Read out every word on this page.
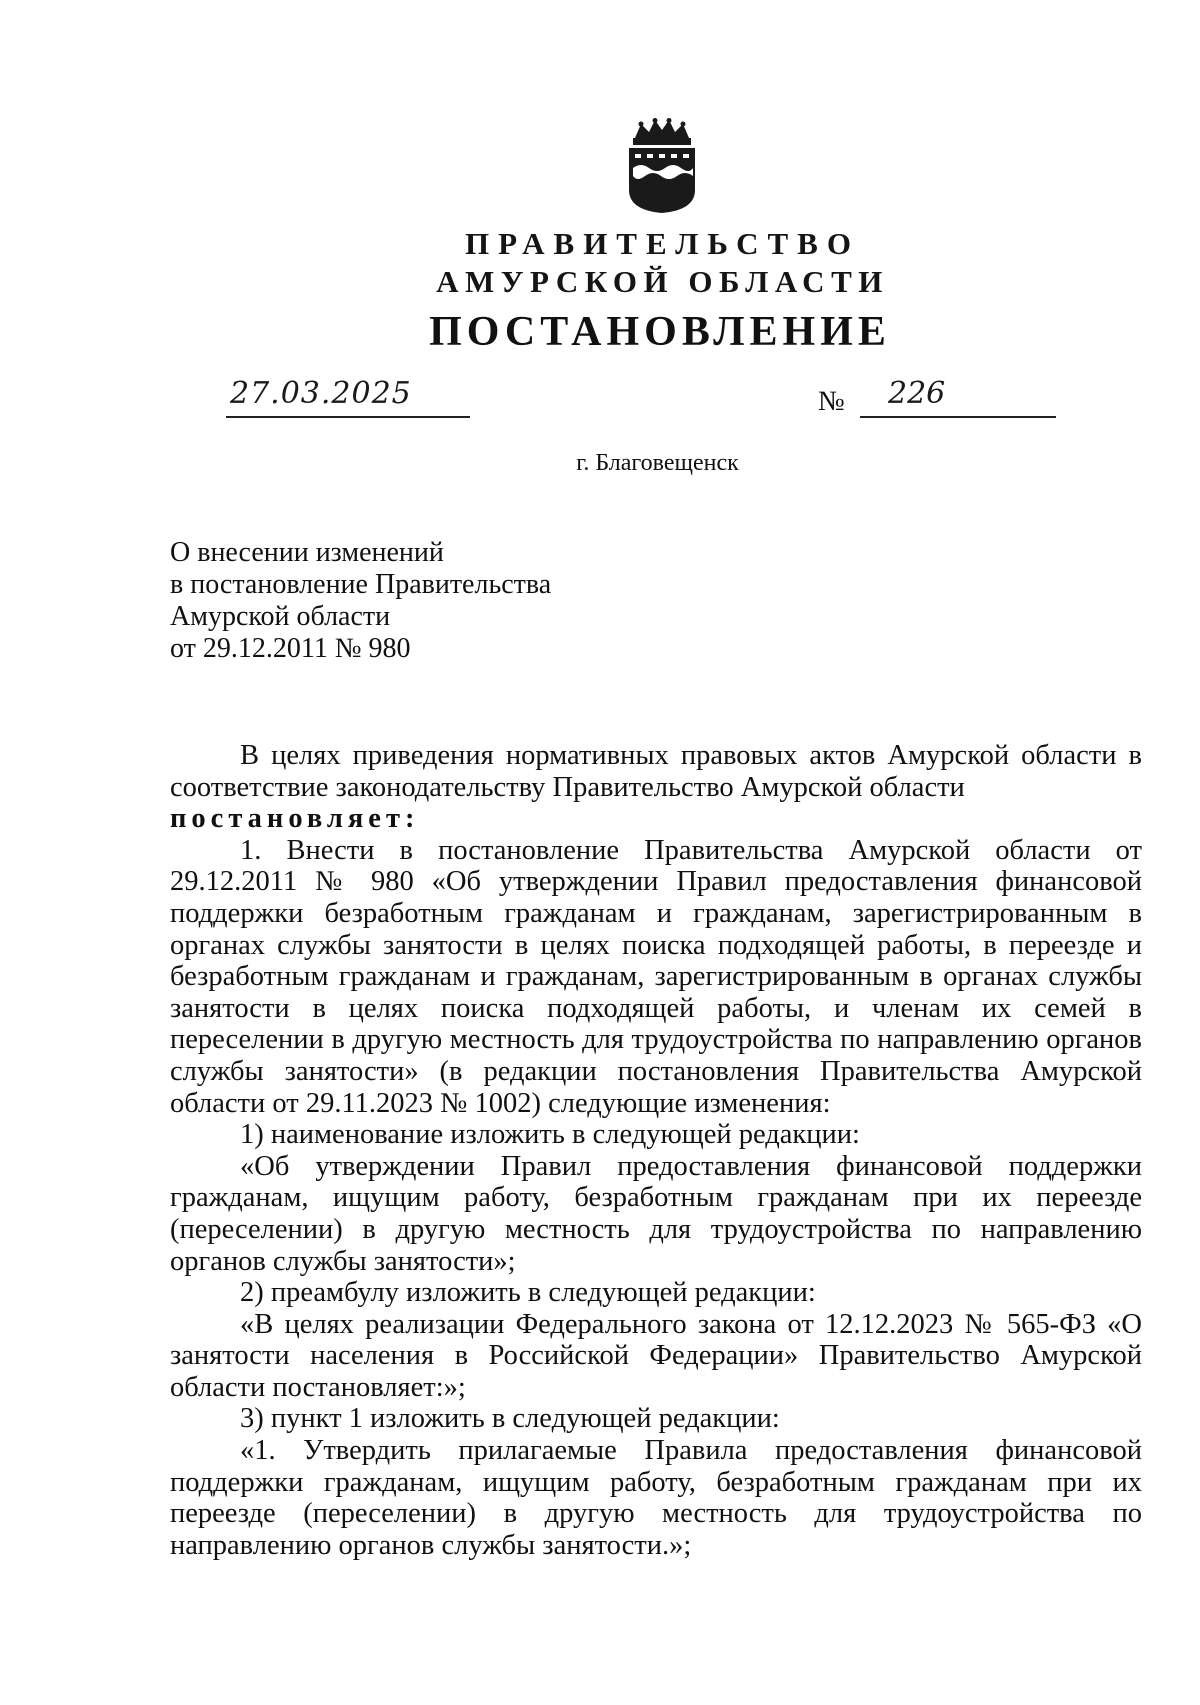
ПРАВИТЕЛЬСТВО
АМУРСКОЙ ОБЛАСТИ
ПОСТАНОВЛЕНИЕ
27.03.2025	№ 226
г. Благовещенск
О внесении изменений
в постановление Правительства
Амурской области
от 29.12.2011 № 980

В целях приведения нормативных правовых актов Амурской области в соответствие законодательству Правительство Амурской области

постановляет:

1. Внести в постановление Правительства Амурской области от 29.12.2011 № 980 «Об утверждении Правил предоставления финансовой поддержки безработным гражданам и гражданам, зарегистрированным в органах службы занятости в целях поиска подходящей работы, в переезде и безработным гражданам и гражданам, зарегистрированным в органах службы занятости в целях поиска подходящей работы, и членам их семей в переселении в другую местность для трудоустройства по направлению органов службы занятости» (в редакции постановления Правительства Амурской области от 29.11.2023 № 1002) следующие изменения:

1) наименование изложить в следующей редакции:

«Об утверждении Правил предоставления финансовой поддержки гражданам, ищущим работу, безработным гражданам при их переезде (переселении) в другую местность для трудоустройства по направлению органов службы занятости»;

2) преамбулу изложить в следующей редакции:

«В целях реализации Федерального закона от 12.12.2023 № 565-ФЗ «О занятости населения в Российской Федерации» Правительство Амурской области постановляет:»;

3) пункт 1 изложить в следующей редакции:

«1. Утвердить прилагаемые Правила предоставления финансовой поддержки гражданам, ищущим работу, безработным гражданам при их переезде (переселении) в другую местность для трудоустройства по направлению органов службы занятости.»;
